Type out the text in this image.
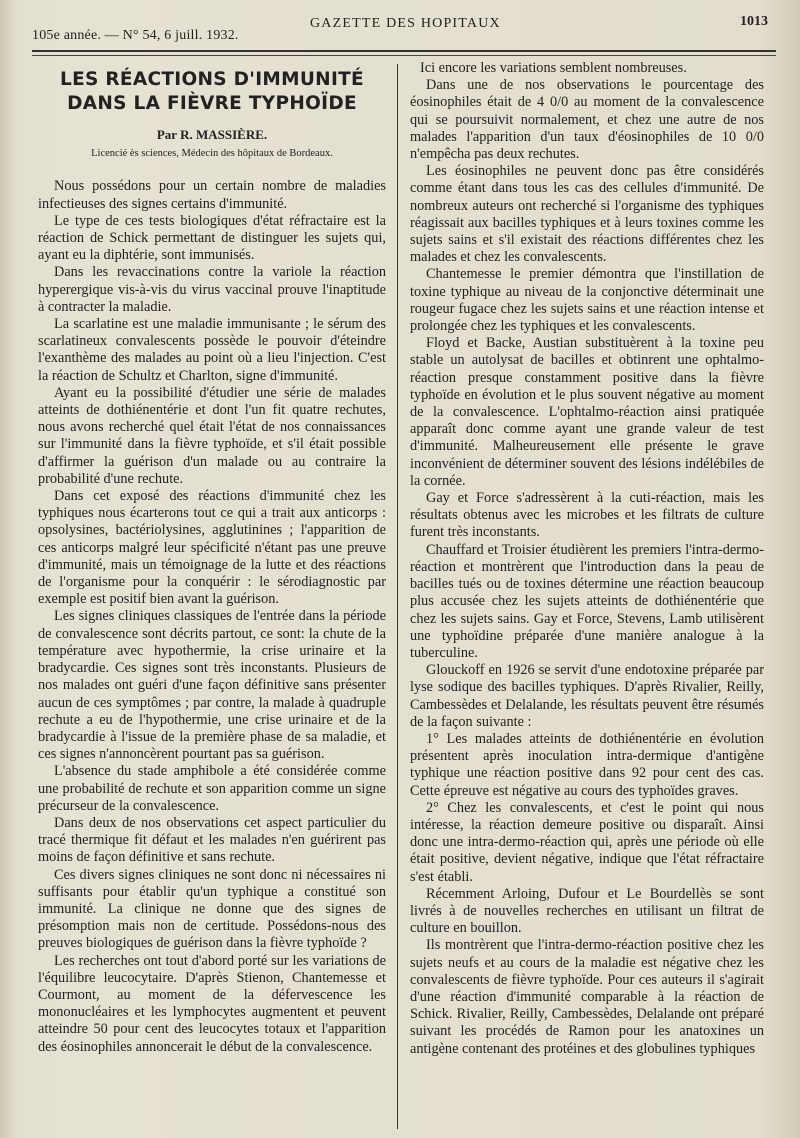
105e année. — N° 54, 6 juill. 1932.
GAZETTE DES HOPITAUX	1013
LES RÉACTIONS D'IMMUNITÉ
DANS LA FIÈVRE TYPHOÏDE
Par R. MASSIÈRE.
Licencié ès sciences, Médecin des hôpitaux de Bordeaux.

Nous possédons pour un certain nombre de maladies infectieuses des signes certains d'immunité.

Le type de ces tests biologiques d'état réfractaire est la réaction de Schick permettant de distinguer les sujets qui, ayant eu la diphtérie, sont immunisés.

Dans les revaccinations contre la variole la réaction hyperergique vis-à-vis du virus vaccinal prouve l'inaptitude à contracter la maladie.

La scarlatine est une maladie immunisante ; le sérum des scarlatineux convalescents possède le pouvoir d'éteindre l'exanthème des malades au point où a lieu l'injection. C'est la réaction de Schultz et Charlton, signe d'immunité.

Ayant eu la possibilité d'étudier une série de malades atteints de dothiénentérie et dont l'un fit quatre rechutes, nous avons recherché quel était l'état de nos connaissances sur l'immunité dans la fièvre typhoïde, et s'il était possible d'affirmer la guérison d'un malade ou au contraire la probabilité d'une rechute.

Dans cet exposé des réactions d'immunité chez les typhiques nous écarterons tout ce qui a trait aux anticorps : opsolysines, bactériolysines, agglutinines ; l'apparition de ces anticorps malgré leur spécificité n'étant pas une preuve d'immunité, mais un témoignage de la lutte et des réactions de l'organisme pour la conquérir : le sérodiagnostic par exemple est positif bien avant la guérison.

Les signes cliniques classiques de l'entrée dans la période de convalescence sont décrits partout, ce sont: la chute de la température avec hypothermie, la crise urinaire et la bradycardie. Ces signes sont très inconstants. Plusieurs de nos malades ont guéri d'une façon définitive sans présenter aucun de ces symptômes ; par contre, la malade à quadruple rechute a eu de l'hypothermie, une crise urinaire et de la bradycardie à l'issue de la première phase de sa maladie, et ces signes n'annoncèrent pourtant pas sa guérison.

L'absence du stade amphibole a été considérée comme une probabilité de rechute et son apparition comme un signe précurseur de la convalescence.

Dans deux de nos observations cet aspect particulier du tracé thermique fit défaut et les malades n'en guérirent pas moins de façon définitive et sans rechute.

Ces divers signes cliniques ne sont donc ni nécessaires ni suffisants pour établir qu'un typhique a constitué son immunité. La clinique ne donne que des signes de présomption mais non de certitude. Possédons-nous des preuves biologiques de guérison dans la fièvre typhoïde ?

Les recherches ont tout d'abord porté sur les variations de l'équilibre leucocytaire. D'après Stienon, Chantemesse et Courmont, au moment de la défervescence les mononucléaires et les lymphocytes augmentent et peuvent atteindre 50 pour cent des leucocytes totaux et l'apparition des éosinophiles annoncerait le début de la convalescence.

Ici encore les variations semblent nombreuses.

Dans une de nos observations le pourcentage des éosinophiles était de 4 0/0 au moment de la convalescence qui se poursuivit normalement, et chez une autre de nos malades l'apparition d'un taux d'éosinophiles de 10 0/0 n'empêcha pas deux rechutes.

Les éosinophiles ne peuvent donc pas être considérés comme étant dans tous les cas des cellules d'immunité. De nombreux auteurs ont recherché si l'organisme des typhiques réagissait aux bacilles typhiques et à leurs toxines comme les sujets sains et s'il existait des réactions différentes chez les malades et chez les convalescents.

Chantemesse le premier démontra que l'instillation de toxine typhique au niveau de la conjonctive déterminait une rougeur fugace chez les sujets sains et une réaction intense et prolongée chez les typhiques et les convalescents.

Floyd et Backe, Austian substituèrent à la toxine peu stable un autolysat de bacilles et obtinrent une ophtalmo-réaction presque constamment positive dans la fièvre typhoïde en évolution et le plus souvent négative au moment de la convalescence. L'ophtalmo-réaction ainsi pratiquée apparaît donc comme ayant une grande valeur de test d'immunité. Malheureusement elle présente le grave inconvénient de déterminer souvent des lésions indélébiles de la cornée.

Gay et Force s'adressèrent à la cuti-réaction, mais les résultats obtenus avec les microbes et les filtrats de culture furent très inconstants.

Chauffard et Troisier étudièrent les premiers l'intra-dermo-réaction et montrèrent que l'introduction dans la peau de bacilles tués ou de toxines détermine une réaction beaucoup plus accusée chez les sujets atteints de dothiénentérie que chez les sujets sains. Gay et Force, Stevens, Lamb utilisèrent une typhoïdine préparée d'une manière analogue à la tuberculine.

Glouckoff en 1926 se servit d'une endotoxine préparée par lyse sodique des bacilles typhiques. D'après Rivalier, Reilly, Cambessèdes et Delalande, les résultats peuvent être résumés de la façon suivante :

1° Les malades atteints de dothiénentérie en évolution présentent après inoculation intra-dermique d'antigène typhique une réaction positive dans 92 pour cent des cas. Cette épreuve est négative au cours des typhoïdes graves.

2° Chez les convalescents, et c'est le point qui nous intéresse, la réaction demeure positive ou disparaît. Ainsi donc une intra-dermo-réaction qui, après une période où elle était positive, devient négative, indique que l'état réfractaire s'est établi.

Récemment Arloing, Dufour et Le Bourdellès se sont livrés à de nouvelles recherches en utilisant un filtrat de culture en bouillon.

Ils montrèrent que l'intra-dermo-réaction positive chez les sujets neufs et au cours de la maladie est négative chez les convalescents de fièvre typhoïde. Pour ces auteurs il s'agirait d'une réaction d'immunité comparable à la réaction de Schick. Rivalier, Reilly, Cambessèdes, Delalande ont préparé suivant les procédés de Ramon pour les anatoxines un antigène contenant des protéines et des globulines typhiques
